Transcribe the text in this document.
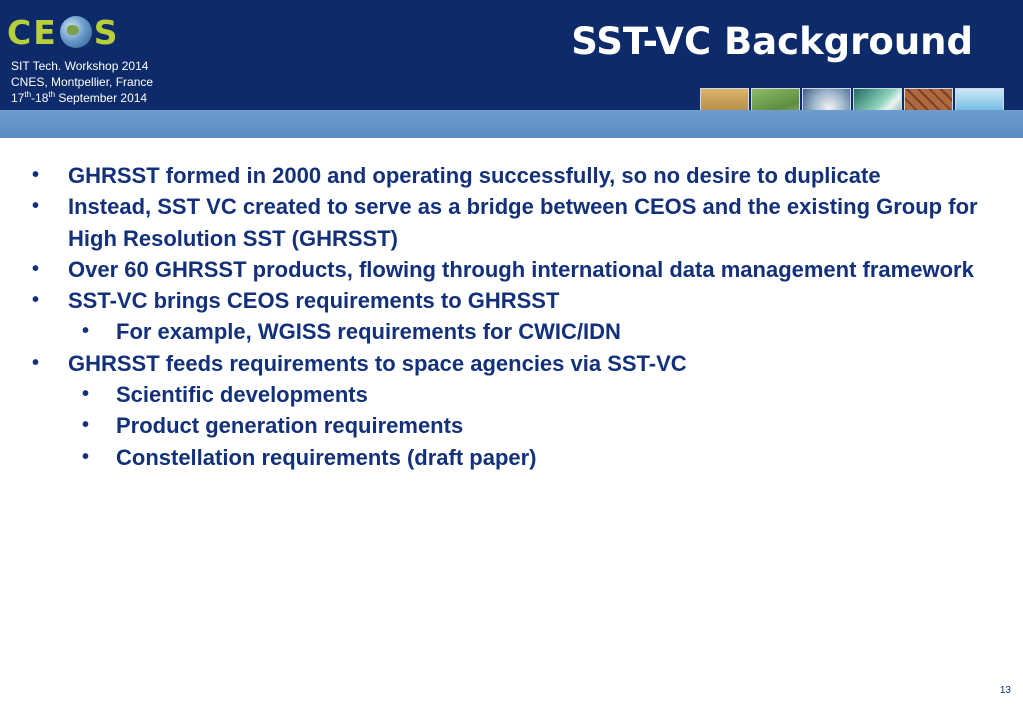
CE S
SIT Tech. Workshop 2014
CNES, Montpellier, France
17th-18th September 2014
SST-VC Background
• GHRSST formed in 2000 and operating successfully, so no desire to duplicate
• Instead, SST VC created to serve as a bridge between CEOS and the existing Group for High Resolution SST (GHRSST)
• Over 60 GHRSST products, flowing through international data management framework
• SST-VC brings CEOS requirements to GHRSST
• For example, WGISS requirements for CWIC/IDN
• GHRSST feeds requirements to space agencies via SST-VC
• Scientific developments
• Product generation requirements
• Constellation requirements (draft paper)
13
